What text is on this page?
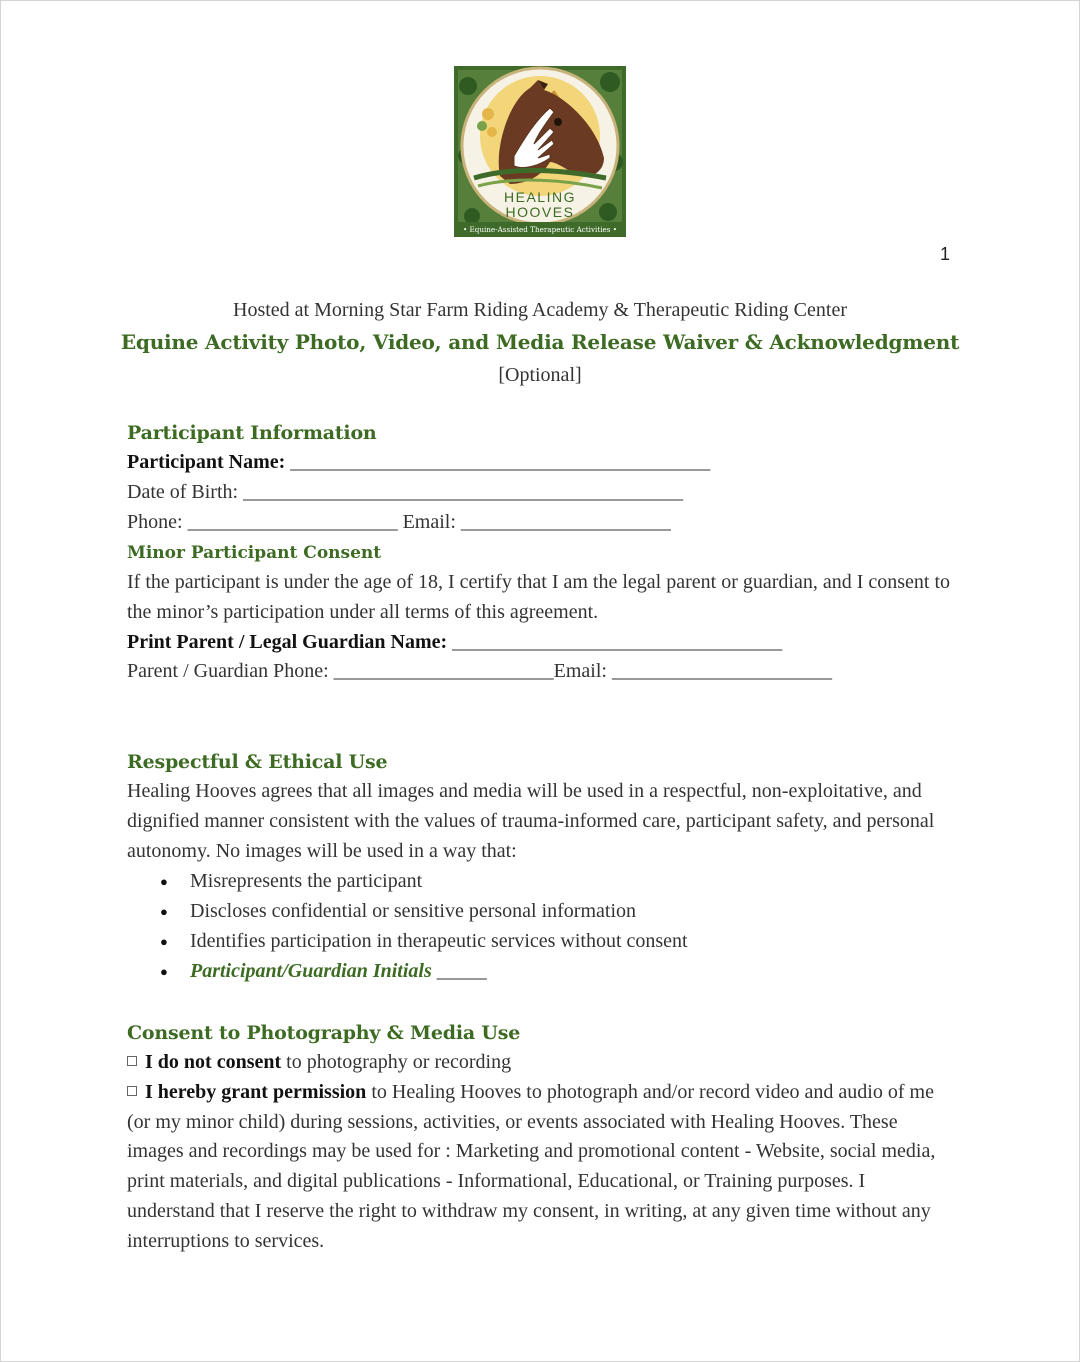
HEALING
HOOVES
• Equine-Assisted Therapeutic Activities •
1
Hosted at Morning Star Farm Riding Academy & Therapeutic Riding Center
Equine Activity Photo, Video, and Media Release Waiver & Acknowledgment
[Optional]
Participant Information
Participant Name: __________________________________________
Date of Birth: ____________________________________________
Phone: _____________________ Email: _____________________
Minor Participant Consent

If the participant is under the age of 18, I certify that I am the legal parent or guardian, and I consent to the minor’s participation under all terms of this agreement.

Print Parent / Legal Guardian Name: _________________________________
Parent / Guardian Phone: ______________________Email: ______________________
Respectful & Ethical Use

Healing Hooves agrees that all images and media will be used in a respectful, non-exploitative, and dignified manner consistent with the values of trauma-informed care, participant safety, and personal autonomy. No images will be used in a way that:

● Misrepresents the participant
● Discloses confidential or sensitive personal information
● Identifies participation in therapeutic services without consent
● Participant/Guardian Initials _____
Consent to Photography & Media Use
I do not consent to photography or recording

I hereby grant permission to Healing Hooves to photograph and/or record video and audio of me (or my minor child) during sessions, activities, or events associated with Healing Hooves. These images and recordings may be used for : Marketing and promotional content - Website, social media, print materials, and digital publications - Informational, Educational, or Training purposes. I understand that I reserve the right to withdraw my consent, in writing, at any given time without any interruptions to services.
